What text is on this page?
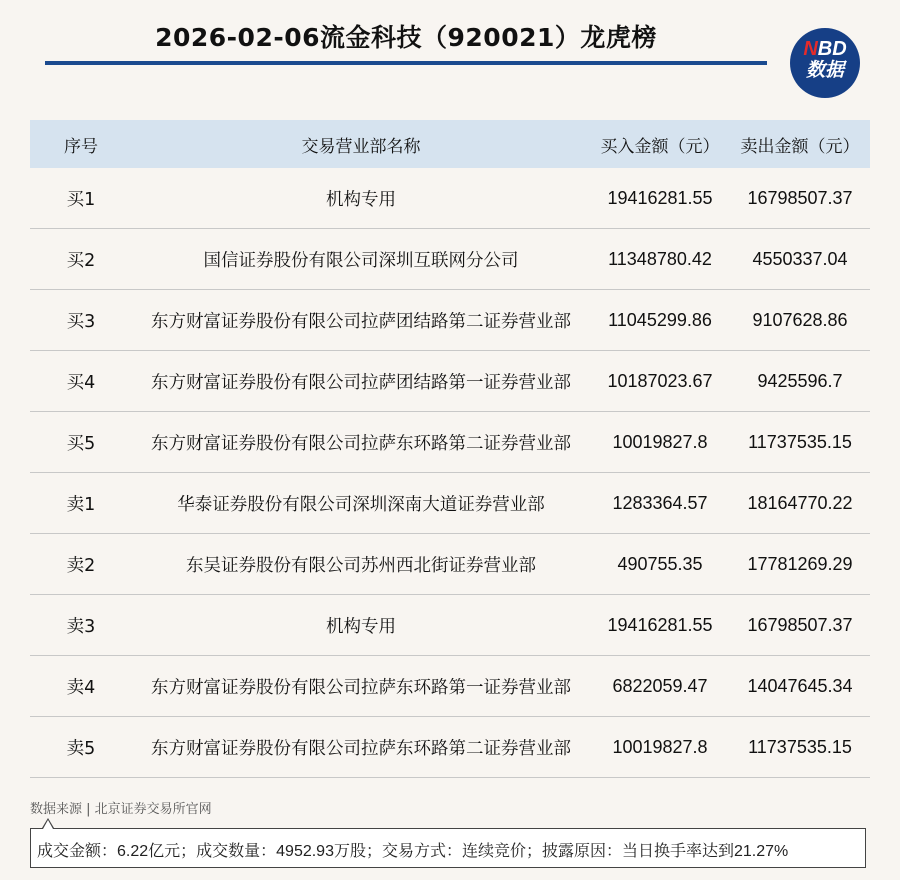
2026-02-06流金科技（920021）龙虎榜	NBD
数据
序号	交易营业部名称	买入金额（元）	卖出金额（元）
买1	机构专用	19416281.55	16798507.37
买2	国信证券股份有限公司深圳互联网分公司	11348780.42	4550337.04
买3	东方财富证券股份有限公司拉萨团结路第二证券营业部	11045299.86	9107628.86
买4	东方财富证券股份有限公司拉萨团结路第一证券营业部	10187023.67	9425596.7
买5	东方财富证券股份有限公司拉萨东环路第二证券营业部	10019827.8	11737535.15
卖1	华泰证券股份有限公司深圳深南大道证券营业部	1283364.57	18164770.22
卖2	东吴证券股份有限公司苏州西北街证券营业部	490755.35	17781269.29
卖3	机构专用	19416281.55	16798507.37
卖4	东方财富证券股份有限公司拉萨东环路第一证券营业部	6822059.47	14047645.34
卖5	东方财富证券股份有限公司拉萨东环路第二证券营业部	10019827.8	11737535.15
数据来源 | 北京证券交易所官网
成交金额：6.22亿元；成交数量：4952.93万股；交易方式：连续竞价；披露原因：当日换手率达到21.27%
